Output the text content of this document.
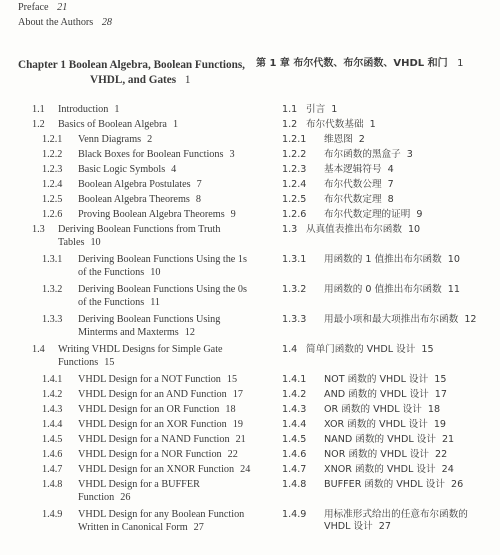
Preface 21
About the Authors 28
Chapter 1 Boolean Algebra, Boolean Functions,
VHDL, and Gates 1
第 1 章 布尔代数、布尔函数、VHDL 和门 1
1.1 Introduction 1
1.2 Basics of Boolean Algebra 1
1.2.1 Venn Diagrams 2
1.2.2 Black Boxes for Boolean Functions 3
1.2.3 Basic Logic Symbols 4
1.2.4 Boolean Algebra Postulates 7
1.2.5 Boolean Algebra Theorems 8
1.2.6 Proving Boolean Algebra Theorems 9
1.3 Deriving Boolean Functions from Truth
Tables 10
1.3.1 Deriving Boolean Functions Using the 1s
of the Functions 10
1.3.2 Deriving Boolean Functions Using the 0s
of the Functions 11
1.3.3 Deriving Boolean Functions Using
Minterms and Maxterms 12
1.4 Writing VHDL Designs for Simple Gate
Functions 15
1.4.1 VHDL Design for a NOT Function 15
1.4.2 VHDL Design for an AND Function 17
1.4.3 VHDL Design for an OR Function 18
1.4.4 VHDL Design for an XOR Function 19
1.4.5 VHDL Design for a NAND Function 21
1.4.6 VHDL Design for a NOR Function 22
1.4.7 VHDL Design for an XNOR Function 24
1.4.8 VHDL Design for a BUFFER
Function 26
1.4.9 VHDL Design for any Boolean Function
Written in Canonical Form 27
1.1 引言 1
1.2 布尔代数基础 1
1.2.1 维恩图 2
1.2.2 布尔函数的黑盒子 3
1.2.3 基本逻辑符号 4
1.2.4 布尔代数公理 7
1.2.5 布尔代数定理 8
1.2.6 布尔代数定理的证明 9
1.3 从真值表推出布尔函数 10
1.3.1 用函数的 1 值推出布尔函数 10
1.3.2 用函数的 0 值推出布尔函数 11
1.3.3 用最小项和最大项推出布尔函数 12
1.4 简单门函数的 VHDL 设计 15
1.4.1 NOT 函数的 VHDL 设计 15
1.4.2 AND 函数的 VHDL 设计 17
1.4.3 OR 函数的 VHDL 设计 18
1.4.4 XOR 函数的 VHDL 设计 19
1.4.5 NAND 函数的 VHDL 设计 21
1.4.6 NOR 函数的 VHDL 设计 22
1.4.7 XNOR 函数的 VHDL 设计 24
1.4.8 BUFFER 函数的 VHDL 设计 26
1.4.9 用标准形式给出的任意布尔函数的
VHDL 设计 27
